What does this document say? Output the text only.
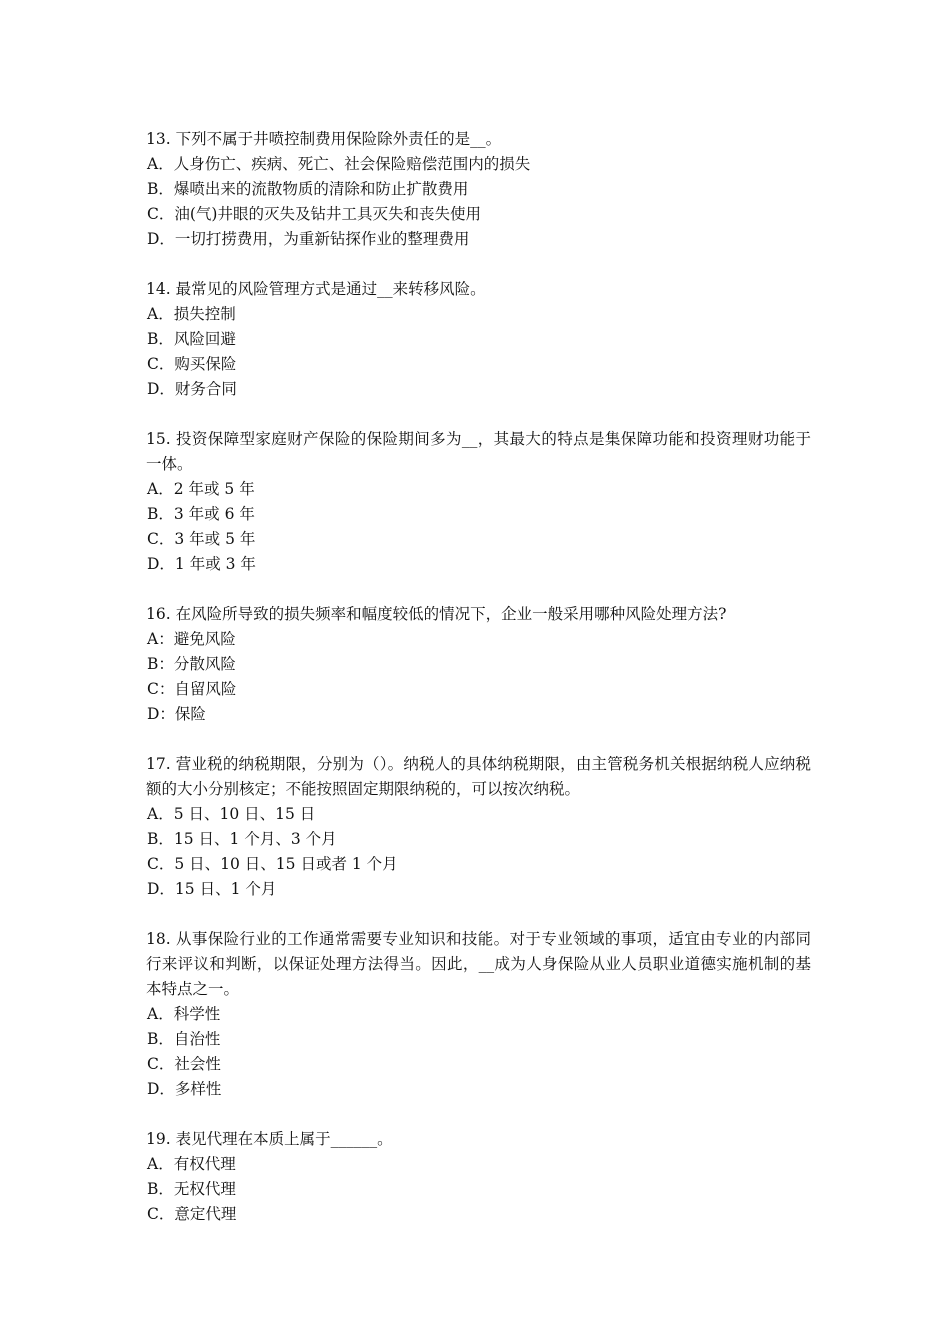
13. 下列不属于井喷控制费用保险除外责任的是__。
A．人身伤亡、疾病、死亡、社会保险赔偿范围内的损失
B．爆喷出来的流散物质的清除和防止扩散费用
C．油(气)井眼的灭失及钻井工具灭失和丧失使用
D．一切打捞费用，为重新钻探作业的整理费用
14. 最常见的风险管理方式是通过__来转移风险。
A．损失控制
B．风险回避
C．购买保险
D．财务合同
15. 投资保障型家庭财产保险的保险期间多为__，其最大的特点是集保障功能和投资理财功能于一体。
A．2 年或 5 年
B．3 年或 6 年
C．3 年或 5 年
D．1 年或 3 年
16. 在风险所导致的损失频率和幅度较低的情况下，企业一般采用哪种风险处理方法?
A：避免风险
B：分散风险
C：自留风险
D：保险
17. 营业税的纳税期限，分别为（）。纳税人的具体纳税期限，由主管税务机关根据纳税人应纳税额的大小分别核定；不能按照固定期限纳税的，可以按次纳税。
A．5 日、10 日、15 日
B．15 日、1 个月、3 个月
C．5 日、10 日、15 日或者 1 个月
D．15 日、1 个月
18. 从事保险行业的工作通常需要专业知识和技能。对于专业领域的事项，适宜由专业的内部同行来评议和判断，以保证处理方法得当。因此，__成为人身保险从业人员职业道德实施机制的基本特点之一。
A．科学性
B．自治性
C．社会性
D．多样性
19. 表见代理在本质上属于______。
A．有权代理
B．无权代理
C．意定代理
